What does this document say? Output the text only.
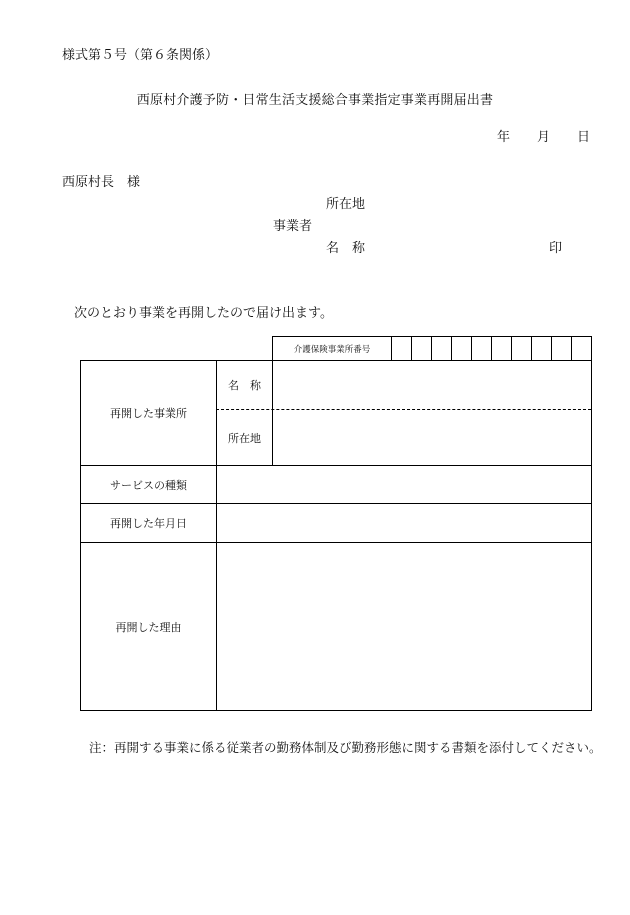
様式第５号（第６条関係）
西原村介護予防・日常生活支援総合事業指定事業再開届出書
年 月 日
西原村長　様
所在地
事業者
名　称	印
次のとおり事業を再開したので届け出ます。
介護保険事業所番号
再開した事業所
名　称
所在地
サービスの種類
再開した年月日
再開した理由
注：再開する事業に係る従業者の勤務体制及び勤務形態に関する書類を添付してください。
